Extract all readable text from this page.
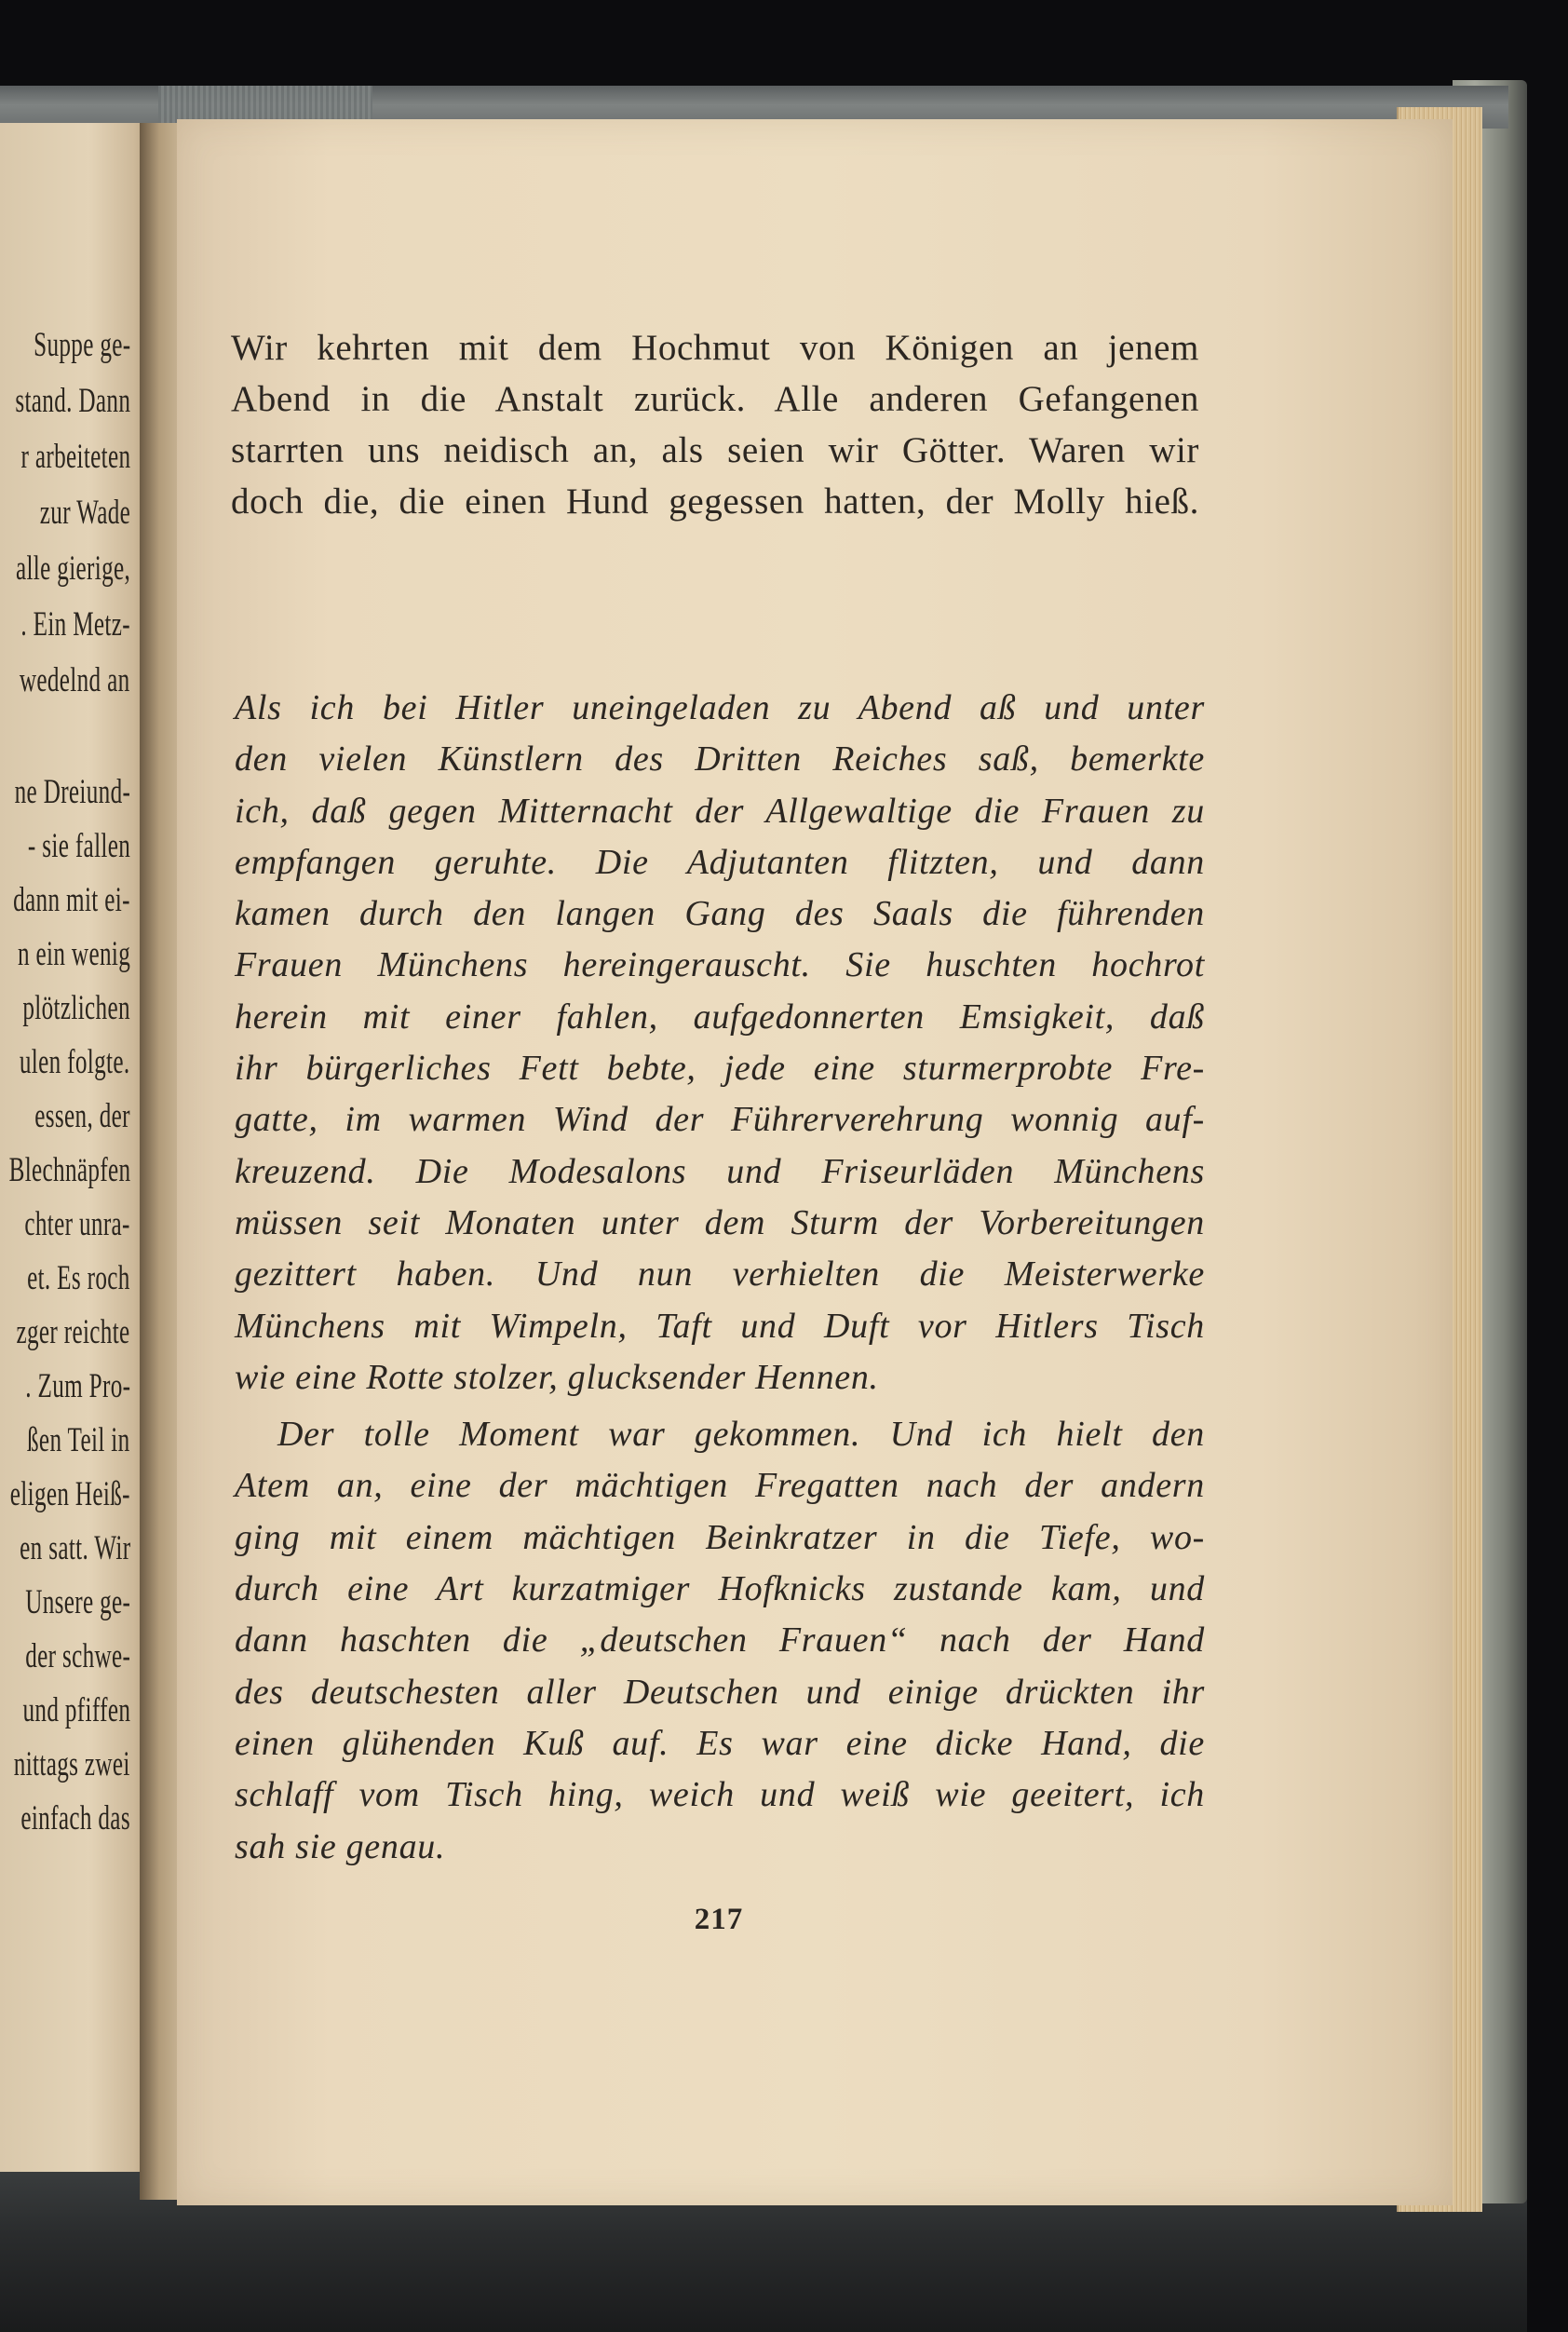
Suppe ge-
stand. Dann
r arbeiteten
zur Wade
alle gierige,
. Ein Metz-
wedelnd an
ne Dreiund-
- sie fallen
dann mit ei-
n ein wenig
plötzlichen
ulen folgte.
essen, der
Blechnäpfen
chter unra-
et. Es roch
zger reichte
. Zum Pro-
ßen Teil in
eligen Heiß-
en satt. Wir
Unsere ge-
der schwe-
und pfiffen
nittags zwei
einfach das
Wir kehrten mit dem Hochmut von Königen an jenem
Abend in die Anstalt zurück. Alle anderen Gefangenen
starrten uns neidisch an, als seien wir Götter. Waren wir
doch die, die einen Hund gegessen hatten, der Molly hieß.
Als ich bei Hitler uneingeladen zu Abend aß und unter
den vielen Künstlern des Dritten Reiches saß, bemerkte
ich, daß gegen Mitternacht der Allgewaltige die Frauen zu
empfangen geruhte. Die Adjutanten flitzten, und dann
kamen durch den langen Gang des Saals die führenden
Frauen Münchens hereingerauscht. Sie huschten hochrot
herein mit einer fahlen, aufgedonnerten Emsigkeit, daß
ihr bürgerliches Fett bebte, jede eine sturmerprobte Fre-
gatte, im warmen Wind der Führerverehrung wonnig auf-
kreuzend. Die Modesalons und Friseurläden Münchens
müssen seit Monaten unter dem Sturm der Vorbereitungen
gezittert haben. Und nun verhielten die Meisterwerke
Münchens mit Wimpeln, Taft und Duft vor Hitlers Tisch
wie eine Rotte stolzer, glucksender Hennen.
Der tolle Moment war gekommen. Und ich hielt den
Atem an, eine der mächtigen Fregatten nach der andern
ging mit einem mächtigen Beinkratzer in die Tiefe, wo-
durch eine Art kurzatmiger Hofknicks zustande kam, und
dann haschten die „deutschen Frauen“ nach der Hand
des deutschesten aller Deutschen und einige drückten ihr
einen glühenden Kuß auf. Es war eine dicke Hand, die
schlaff vom Tisch hing, weich und weiß wie geeitert, ich
sah sie genau.
217
